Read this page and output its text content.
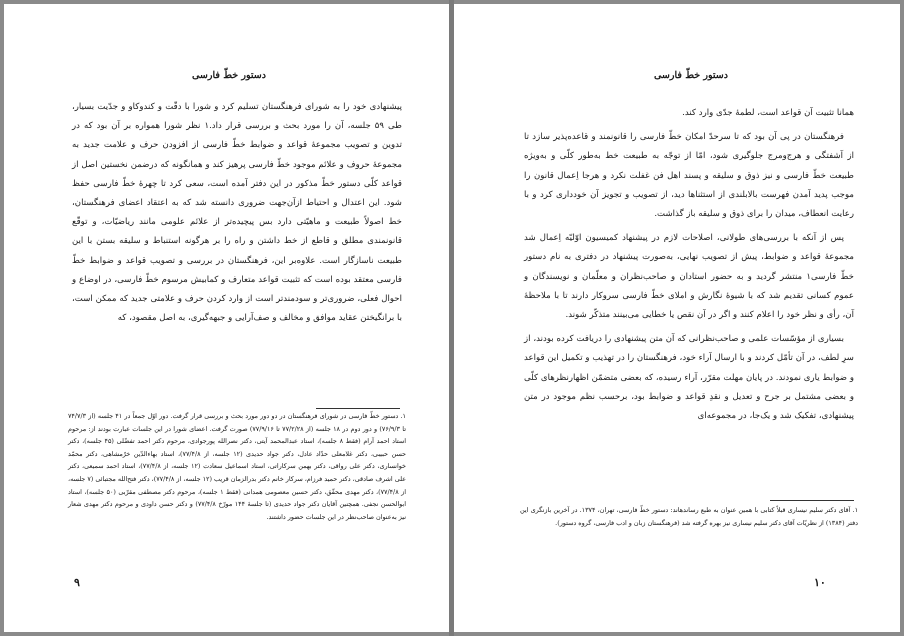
دستور خطّ فارسی

پیشنهادی خود را به شورای فرهنگستان تسلیم کرد و شورا با دقّت و کندوکاو و جدّیت بسیار، طی ۵۹ جلسه، آن را مورد بحث و بررسی قرار داد.۱ نظر شورا همواره بر آن بود که در تدوین و تصویب مجموعهٔ قواعد و ضوابط خطّ فارسی از افزودن حرف و علامت جدید به مجموعهٔ حروف و علائم موجود خطّ فارسی پرهیز کند و همانگونه که درضمن نخستین اصل از قواعد کلّی دستور خطّ مذکور در این دفتر آمده است، سعی کرد تا چهرهٔ خطّ فارسی حفظ شود. این اعتدال و احتیاط ازآن‌جهت ضروری دانسته شد که به اعتقاد اعضای فرهنگستان، خط اصولاً طبیعت و ماهیّتی دارد بس پیچیده‌تر از علائم علومی مانند ریاضیّات، و توقّع قانونمندی مطلق و قاطع از خط داشتن و راه را بر هرگونه استنباط و سلیقه بستن با این طبیعت ناسازگار است. علاوه‌بر این، فرهنگستان در بررسی و تصویب قواعد و ضوابط خطّ فارسی معتقد بوده است که تثبیت قواعد متعارف و کمابیش مرسوم خطّ فارسی، در اوضاع و احوال فعلی، ضروری‌تر و سودمندتر است از وارد کردن حرف و علامتی جدید که ممکن است، با برانگیختن عقاید موافق و مخالف و صف‌آرایی و جبهه‌گیری، به اصل مقصود، که

۱. دستور خطّ فارسی در شورای فرهنگستان در دو دور مورد بحث و بررسی قرار گرفت. دور اوّل جمعاً در ۴۱ جلسه (از ۷۴/۷/۳ تا ۷۶/۹/۳) و دور دوم در ۱۸ جلسه (از ۷۷/۲/۲۸ تا ۷۷/۹/۱۶) صورت گرفت. اعضای شورا در این جلسات عبارت بودند از: مرحوم استاد احمد آرام (فقط ۸ جلسه)، استاد عبدالمحمد آیتی، دکتر نصرالله پورجوادی، مرحوم دکتر احمد تفضّلی (۴۵ جلسه)، دکتر حسن حبیبی، دکتر غلامعلی حدّاد عادل، دکتر جواد حدیدی (۱۲ جلسه، از ۷۷/۴/۸)، استاد بهاءالدّین خرّمشاهی، دکتر محمّد خوانساری، دکتر علی رواقی، دکتر بهمن سرکاراتی، استاد اسماعیل سعادت (۱۲ جلسه، از ۷۷/۴/۸)، استاد احمد سمیعی، دکتر علی اشرف صادقی، دکتر حمید فرزام، سرکار خانم دکتر بدرالزمان قریب (۱۲ جلسه، از ۷۷/۴/۸)، دکتر فتح‌الله مجتبائی (۷ جلسه، از ۷۷/۴/۸)، دکتر مهدی محقّق، دکتر حسین معصومی همدانی (فقط ۱ جلسه)، مرحوم دکتر مصطفی مقرّبی (۵۰ جلسه)، استاد ابوالحسن نجفی. همچنین آقایان دکتر جواد حدیدی (تا جلسهٔ ۱۴۴ مورّخ ۷۷/۴/۸) و دکتر حسن داودی و مرحوم دکتر مهدی شعار نیز به‌عنوان صاحب‌نظر در این جلسات حضور داشتند.
۹
دستور خطّ فارسی

همانا تثبیت آن قواعد است، لطمهٔ جدّی وارد کند.

فرهنگستان در پی آن بود که تا سرحدّ امکان خطّ فارسی را قانونمند و قاعده‌پذیر سازد تا از آشفتگی و هرج‌ومرج جلوگیری شود، امّا از توجّه به طبیعت خط به‌طور کلّی و به‌ویژه طبیعت خطّ فارسی و نیز ذوق و سلیقه و پسند اهل فن غفلت نکرد و هرجا اِعمال قانون را موجب پدید آمدن فهرست بالابلندی از استثناها دید، از تصویب و تجویز آن خودداری کرد و با رعایت انعطاف، میدان را برای ذوق و سلیقه باز گذاشت.

پس از آنکه با بررسی‌های طولانی، اصلاحات لازم در پیشنهاد کمیسیون اوّلیّه اِعمال شد مجموعهٔ قواعد و ضوابط، پیش از تصویب نهایی، به‌صورت پیشنهاد در دفتری به نام دستور خطّ فارسی۱ منتشر گردید و به حضور استادان و صاحب‌نظران و معلّمان و نویسندگان و عموم کسانی تقدیم شد که با شیوهٔ نگارش و املای خطّ فارسی سروکار دارند تا با ملاحظهٔ آن، رأی و نظر خود را اعلام کنند و اگر در آن نقص یا خطایی می‌بینند متذکّر شوند.

بسیاری از مؤسّسات علمی و صاحب‌نظرانی که آن متن پیشنهادی را دریافت کرده بودند، از سرِ لطف، در آن تأمّل کردند و با ارسال آراء خود، فرهنگستان را در تهذیب و تکمیل این قواعد و ضوابط یاری نمودند. در پایان مهلت مقرّر، آراء رسیده، که بعضی متضمّن اظهارنظرهای کلّی و بعضی مشتمل بر جرح و تعدیل و نقدِ قواعد و ضوابط بود، برحسب نظم موجود در متن پیشنهادی، تفکیک شد و یک‌جا، در مجموعه‌ای

۱. آقای دکتر سلیم نیساری قبلاً کتابی با همین عنوان به طبع رساندهاند: دستور خطّ فارسی، تهران، ۱۳۷۴. در آخرین بازنگری این دفتر (۱۳۸۴) از نظریّات آقای دکتر سلیم نیساری نیز بهره گرفته شد (فرهنگستان زبان و ادب فارسی، گروه دستور).
۱۰
